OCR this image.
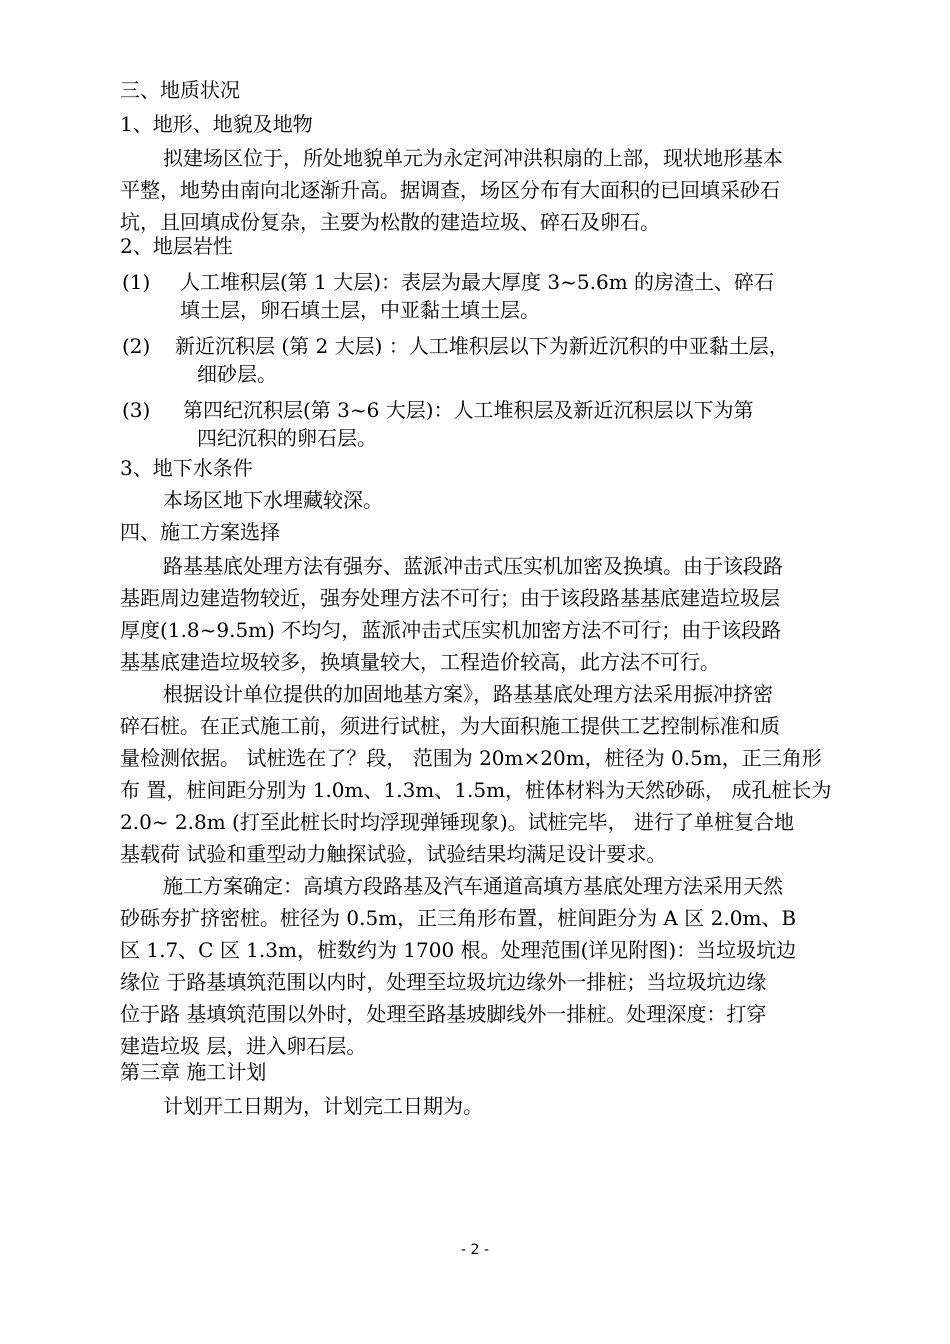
三、地质状况
1、地形、地貌及地物
拟建场区位于，所处地貌单元为永定河冲洪积扇的上部，现状地形基本
平整，地势由南向北逐渐升高。据调查，场区分布有大面积的已回填采砂石
坑，且回填成份复杂，主要为松散的建造垃圾、碎石及卵石。
2、地层岩性
(1) 人工堆积层(第 1 大层)：表层为最大厚度 3~5.6m 的房渣土、碎石
填土层，卵石填土层，中亚黏土填土层。
(2) 新近沉积层 (第 2 大层) ：人工堆积层以下为新近沉积的中亚黏土层，
细砂层。
(3) 第四纪沉积层(第 3~6 大层)：人工堆积层及新近沉积层以下为第
四纪沉积的卵石层。
3、地下水条件
本场区地下水埋藏较深。
四、施工方案选择
路基基底处理方法有强夯、蓝派冲击式压实机加密及换填。由于该段路
基距周边建造物较近，强夯处理方法不可行；由于该段路基基底建造垃圾层
厚度(1.8~9.5m) 不均匀，蓝派冲击式压实机加密方法不可行；由于该段路
基基底建造垃圾较多，换填量较大，工程造价较高，此方法不可行。
根据设计单位提供的加固地基方案》，路基基底处理方法采用振冲挤密
碎石桩。在正式施工前，须进行试桩，为大面积施工提供工艺控制标准和质
量检测依据。 试桩选在了？段， 范围为 20m×20m，桩径为 0.5m，正三角形
布 置，桩间距分别为 1.0m、1.3m、1.5m，桩体材料为天然砂砾， 成孔桩长为
2.0~ 2.8m (打至此桩长时均浮现弹锤现象)。试桩完毕， 进行了单桩复合地
基载荷 试验和重型动力触探试验，试验结果均满足设计要求。
施工方案确定：高填方段路基及汽车通道高填方基底处理方法采用天然
砂砾夯扩挤密桩。桩径为 0.5m，正三角形布置，桩间距分为 A 区 2.0m、B
区 1.7、C 区 1.3m，桩数约为 1700 根。处理范围(详见附图)：当垃圾坑边
缘位 于路基填筑范围以内时，处理至垃圾坑边缘外一排桩；当垃圾坑边缘
位于路 基填筑范围以外时，处理至路基坡脚线外一排桩。处理深度：打穿
建造垃圾 层，进入卵石层。
第三章 施工计划
计划开工日期为，计划完工日期为。
- 2 -
